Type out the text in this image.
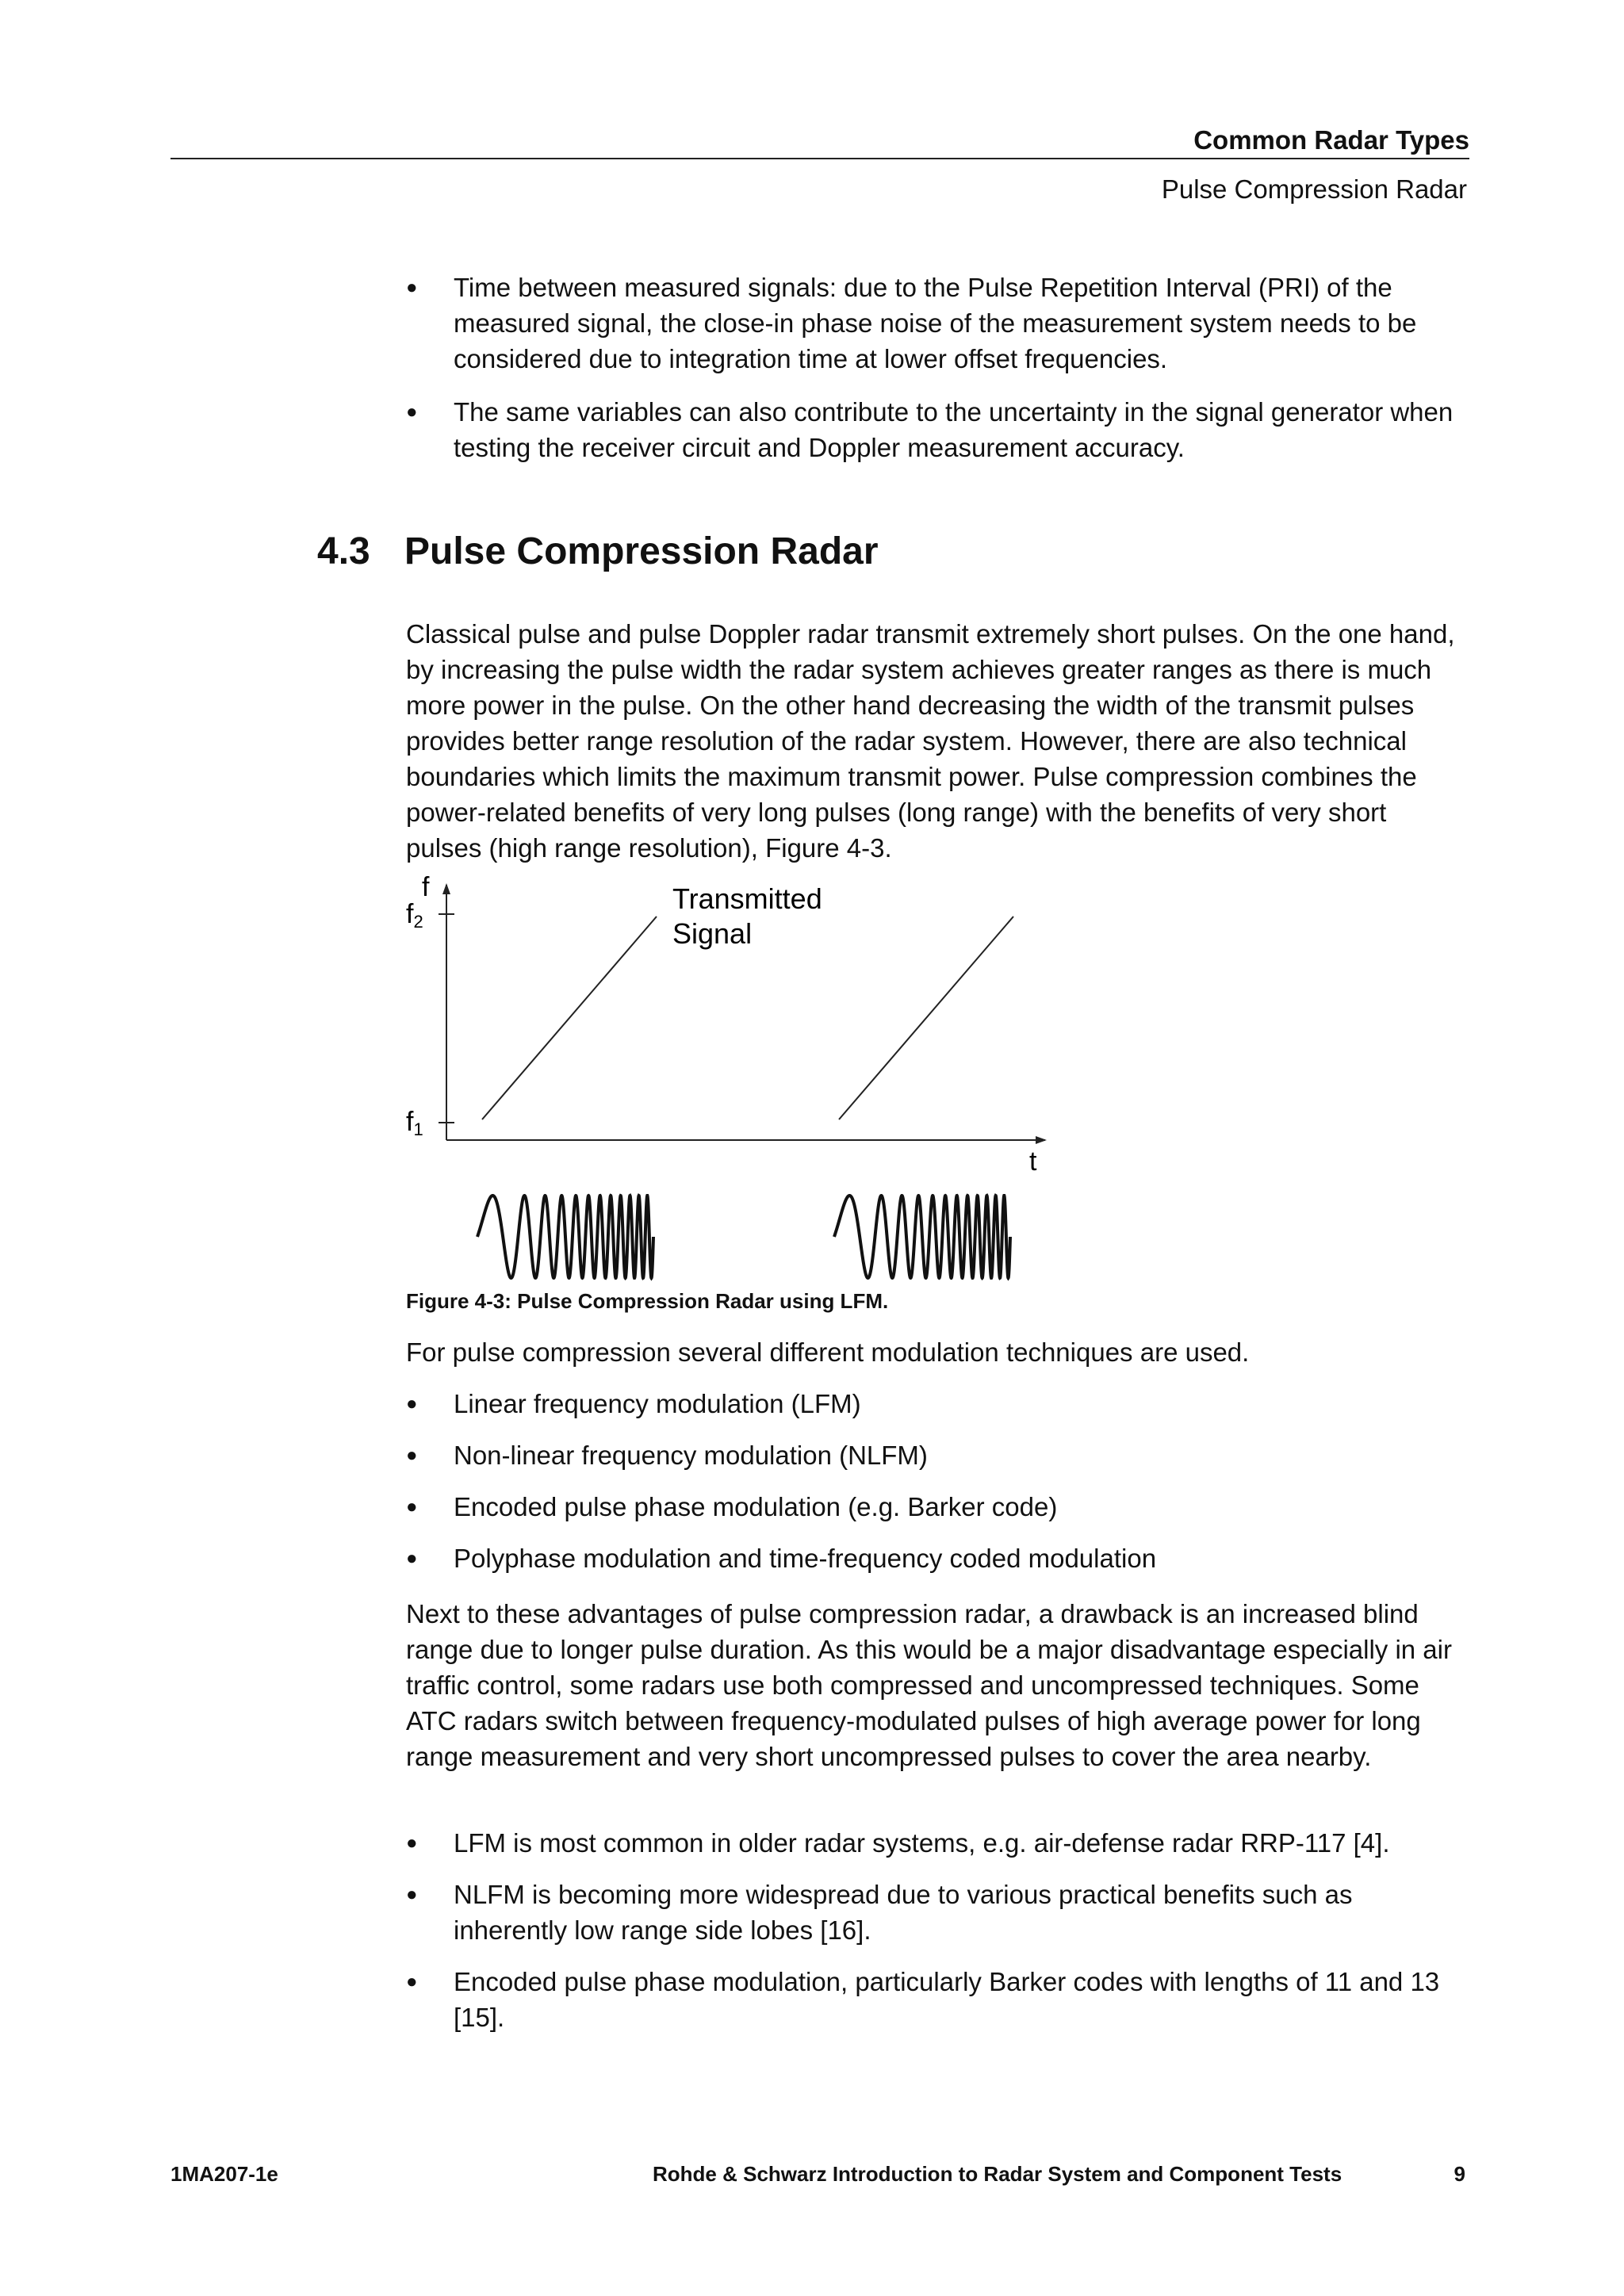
Common Radar Types
Pulse Compression Radar
● Time between measured signals: due to the Pulse Repetition Interval (PRI) of the measured signal, the close-in phase noise of the measurement system needs to be considered due to integration time at lower offset frequencies.
● The same variables can also contribute to the uncertainty in the signal generator when testing the receiver circuit and Doppler measurement accuracy.
4.3 Pulse Compression Radar

Classical pulse and pulse Doppler radar transmit extremely short pulses. On the one hand, by increasing the pulse width the radar system achieves greater ranges as there is much more power in the pulse. On the other hand decreasing the width of the transmit pulses provides better range resolution of the radar system. However, there are also technical boundaries which limits the maximum transmit power. Pulse compression combines the power-related benefits of very long pulses (long range) with the benefits of very short pulses (high range resolution), Figure 4-3.

f
t
f2
f1
Transmitted
Signal
Figure 4-3: Pulse Compression Radar using LFM.

For pulse compression several different modulation techniques are used.

● Linear frequency modulation (LFM)
● Non-linear frequency modulation (NLFM)
● Encoded pulse phase modulation (e.g. Barker code)
● Polyphase modulation and time-frequency coded modulation

Next to these advantages of pulse compression radar, a drawback is an increased blind range due to longer pulse duration. As this would be a major disadvantage especially in air traffic control, some radars use both compressed and uncompressed techniques. Some ATC radars switch between frequency-modulated pulses of high average power for long range measurement and very short uncompressed pulses to cover the area nearby.

● LFM is most common in older radar systems, e.g. air-defense radar RRP-117 [4].
● NLFM is becoming more widespread due to various practical benefits such as inherently low range side lobes [16].
● Encoded pulse phase modulation, particularly Barker codes with lengths of 11 and 13 [15].
1MA207-1e	Rohde & Schwarz Introduction to Radar System and Component Tests	9
